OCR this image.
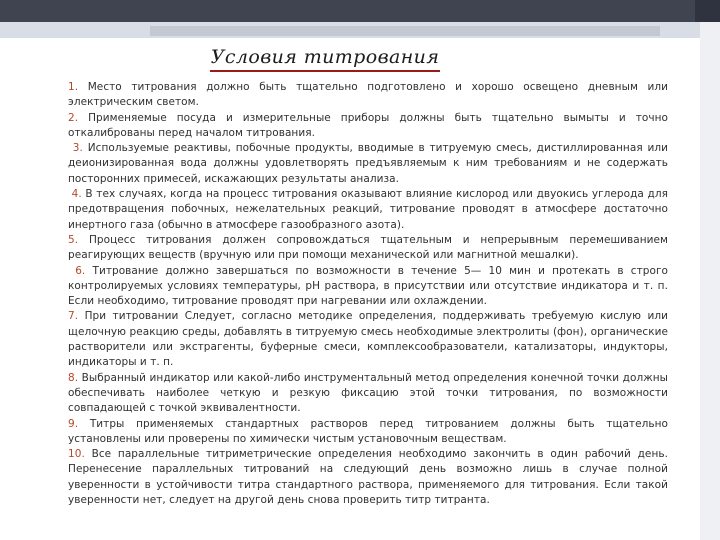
Условия титрования

1. Место титрования должно быть тщательно подготовлено и хорошо освещено дневным или электрическим светом.

2. Применяемые посуда и измерительные приборы должны быть тщательно вымыты и точно откалиброваны перед началом титрования.

3. Используемые реактивы, побочные продукты, вводимые в титруемую смесь, дистиллированная или деионизированная вода должны удовлетворять предъявляемым к ним требованиям и не содержать посторонних примесей, искажающих результаты анализа.

4. В тех случаях, когда на процесс титрования оказывают влияние кислород или двуокись углерода для предотвращения побочных, нежелательных реакций, титрование проводят в атмосфере достаточно инертного газа (обычно в атмосфере газообразного азота).

5. Процесс титрования должен сопровождаться тщательным и непрерывным перемешиванием реагирующих веществ (вручную или при помощи механической или магнитной мешалки).

6. Титрование должно завершаться по возможности в течение 5— 10 мин и протекать в строго контролируемых условиях температуры, рН раствора, в присутствии или отсутствие индикатора и т. п. Если необходимо, титрование проводят при нагревании или охлаждении.

7. При титровании Следует, согласно методике определения, поддерживать требуемую кислую или щелочную реакцию среды, добавлять в титруемую смесь необходимые электролиты (фон), органические растворители или экстрагенты, буферные смеси, комплексообразователи, катализаторы, индукторы, индикаторы и т. п.

8. Выбранный индикатор или какой-либо инструментальный метод определения конечной точки должны обеспечивать наиболее четкую и резкую фиксацию этой точки титрования, по возможности совпадающей с точкой эквивалентности.

9. Титры применяемых стандартных растворов перед титрованием должны быть тщательно установлены или проверены по химически чистым установочным веществам.

10. Все параллельные титриметрические определения необходимо закончить в один рабочий день. Перенесение параллельных титрований на следующий день возможно лишь в случае полной уверенности в устойчивости титра стандартного раствора, применяемого для титрования. Если такой уверенности нет, следует на другой день снова проверить титр титранта.
